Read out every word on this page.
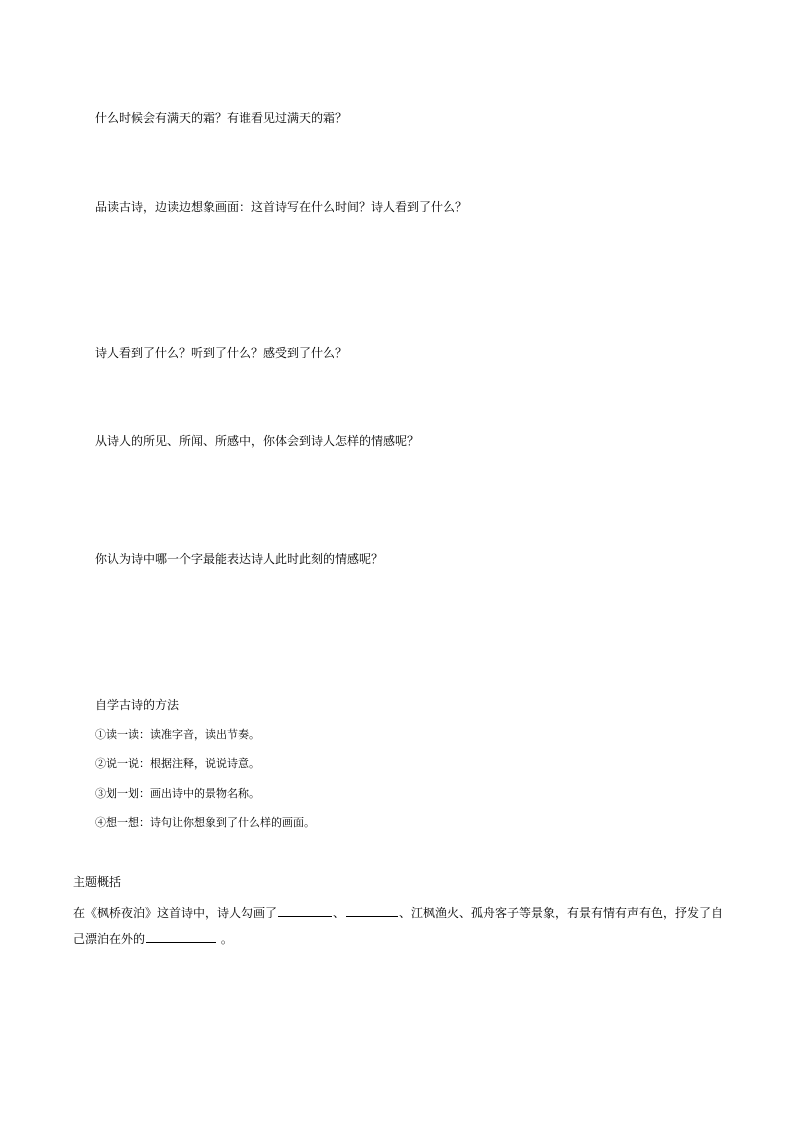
什么时候会有满天的霜？有谁看见过满天的霜？
品读古诗，边读边想象画面：这首诗写在什么时间？诗人看到了什么？
诗人看到了什么？听到了什么？感受到了什么？
从诗人的所见、所闻、所感中，你体会到诗人怎样的情感呢？
你认为诗中哪一个字最能表达诗人此时此刻的情感呢？
自学古诗的方法
①读一读：读准字音，读出节奏。
②说一说：根据注释，说说诗意。
③划一划：画出诗中的景物名称。
④想一想：诗句让你想象到了什么样的画面。
主题概括
在《枫桥夜泊》这首诗中，诗人勾画了	、	、江枫渔火、孤舟客子等景象，有景有情有声有色，抒发了自己漂泊在外的	。
